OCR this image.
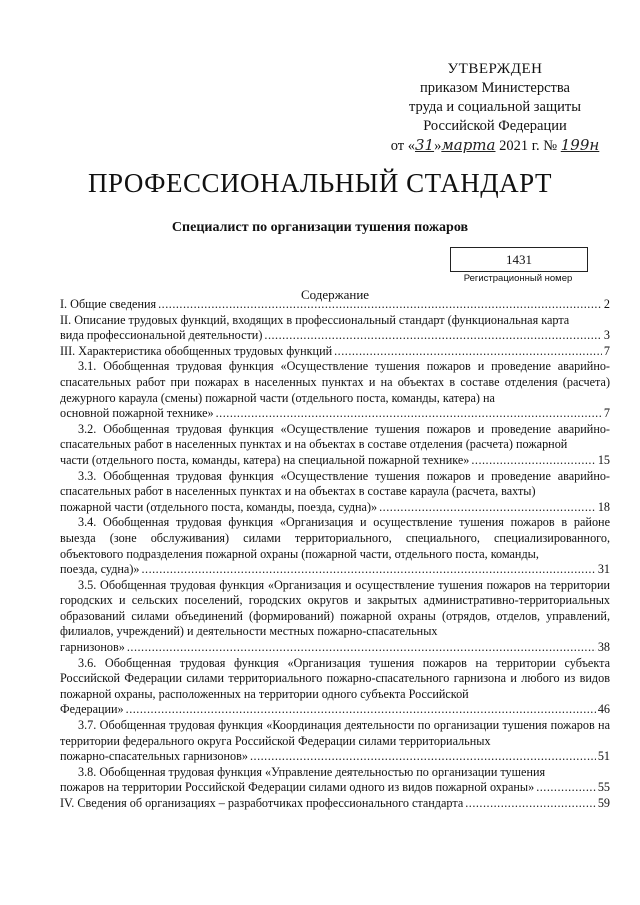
УТВЕРЖДЕН
приказом Министерства
труда и социальной защиты
Российской Федерации
от «31»марта 2021 г. № 199н
ПРОФЕССИОНАЛЬНЫЙ СТАНДАРТ
Специалист по организации тушения пожаров
1431
Регистрационный номер
Содержание
I. Общие сведения .....	2
II. Описание трудовых функций, входящих в профессиональный стандарт (функциональная карта
вида профессиональной деятельности) .....	3
III. Характеристика обобщенных трудовых функций .....	7
3.1. Обобщенная трудовая функция «Осуществление тушения пожаров и проведение аварийно-спасательных работ при пожарах в населенных пунктах и на объектах в составе отделения (расчета) дежурного караула (смены) пожарной части (отдельного поста, команды, катера) на
основной пожарной технике» .....	7
3.2. Обобщенная трудовая функция «Осуществление тушения пожаров и проведение аварийно-спасательных работ в населенных пунктах и на объектах в составе отделения (расчета) пожарной
части (отдельного поста, команды, катера) на специальной пожарной технике» .....	15
3.3. Обобщенная трудовая функция «Осуществление тушения пожаров и проведение аварийно-спасательных работ в населенных пунктах и на объектах в составе караула (расчета, вахты)
пожарной части (отдельного поста, команды, поезда, судна)» .....	18
3.4. Обобщенная трудовая функция «Организация и осуществление тушения пожаров в районе выезда (зоне обслуживания) силами территориального, специального, специализированного, объектового подразделения пожарной охраны (пожарной части, отдельного поста, команды,
поезда, судна)» .....	31
3.5. Обобщенная трудовая функция «Организация и осуществление тушения пожаров на территории городских и сельских поселений, городских округов и закрытых административно-территориальных образований силами объединений (формирований) пожарной охраны (отрядов, отделов, управлений, филиалов, учреждений) и деятельности местных пожарно-спасательных
гарнизонов» .....	38
3.6. Обобщенная трудовая функция «Организация тушения пожаров на территории субъекта Российской Федерации силами территориального пожарно-спасательного гарнизона и любого из видов пожарной охраны, расположенных на территории одного субъекта Российской
Федерации» .....	46
3.7. Обобщенная трудовая функция «Координация деятельности по организации тушения пожаров на территории федерального округа Российской Федерации силами территориальных
пожарно-спасательных гарнизонов» .....	51
3.8. Обобщенная трудовая функция «Управление деятельностью по организации тушения
пожаров на территории Российской Федерации силами одного из видов пожарной охраны» .....	55
IV. Сведения об организациях – разработчиках профессионального стандарта .....	59
